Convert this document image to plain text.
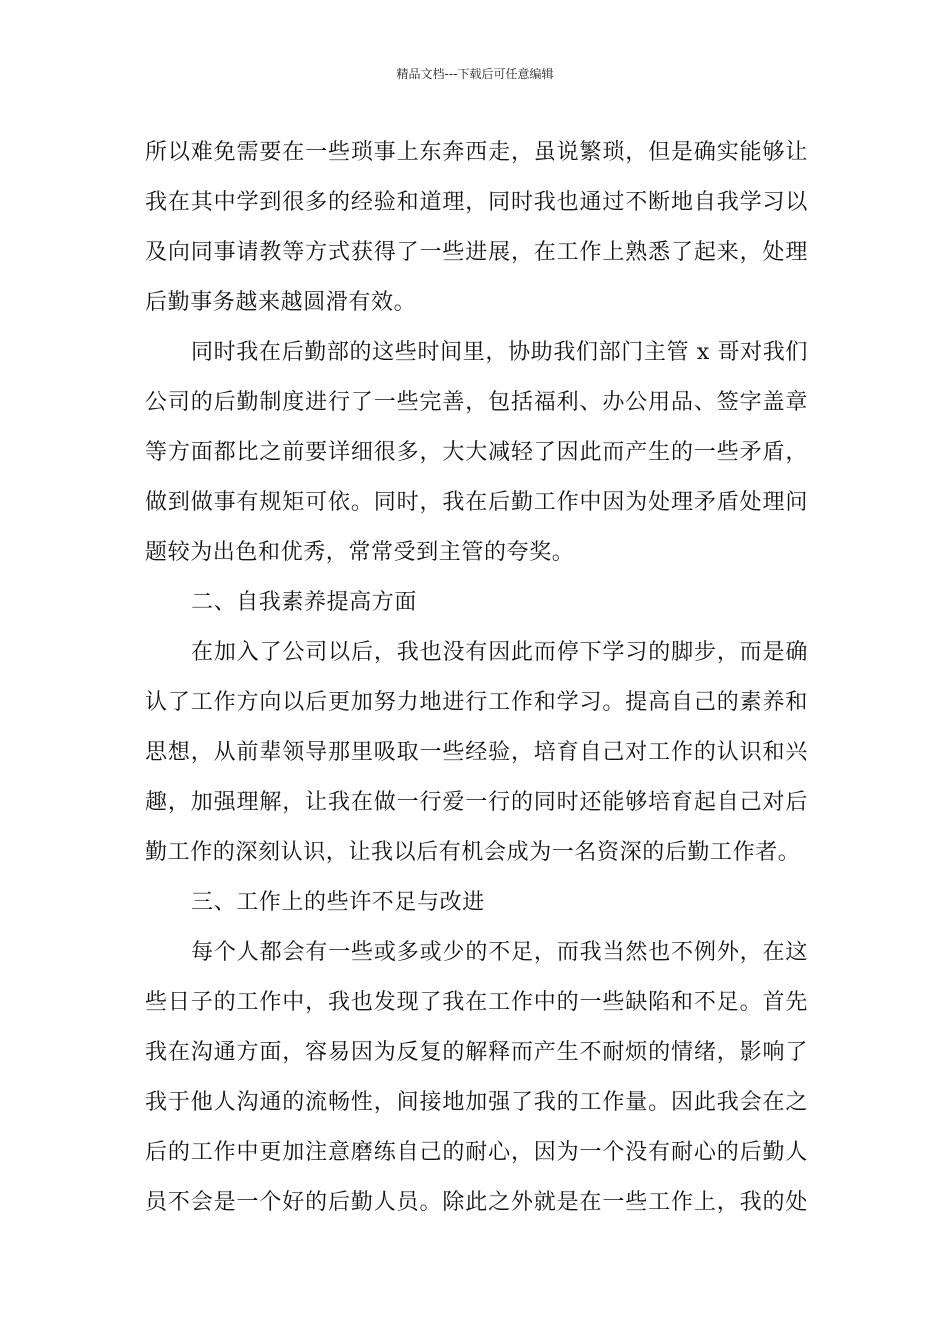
精品文档---下载后可任意编辑
所以难免需要在一些琐事上东奔西走，虽说繁琐，但是确实能够让
我在其中学到很多的经验和道理，同时我也通过不断地自我学习以
及向同事请教等方式获得了一些进展，在工作上熟悉了起来，处理
后勤事务越来越圆滑有效。
同时我在后勤部的这些时间里，协助我们部门主管 x 哥对我们
公司的后勤制度进行了一些完善，包括福利、办公用品、签字盖章
等方面都比之前要详细很多，大大减轻了因此而产生的一些矛盾，
做到做事有规矩可依。同时，我在后勤工作中因为处理矛盾处理问
题较为出色和优秀，常常受到主管的夸奖。
二、自我素养提高方面
在加入了公司以后，我也没有因此而停下学习的脚步，而是确
认了工作方向以后更加努力地进行工作和学习。提高自己的素养和
思想，从前辈领导那里吸取一些经验，培育自己对工作的认识和兴
趣，加强理解，让我在做一行爱一行的同时还能够培育起自己对后
勤工作的深刻认识，让我以后有机会成为一名资深的后勤工作者。
三、工作上的些许不足与改进
每个人都会有一些或多或少的不足，而我当然也不例外，在这
些日子的工作中，我也发现了我在工作中的一些缺陷和不足。首先
我在沟通方面，容易因为反复的解释而产生不耐烦的情绪，影响了
我于他人沟通的流畅性，间接地加强了我的工作量。因此我会在之
后的工作中更加注意磨练自己的耐心，因为一个没有耐心的后勤人
员不会是一个好的后勤人员。除此之外就是在一些工作上，我的处
